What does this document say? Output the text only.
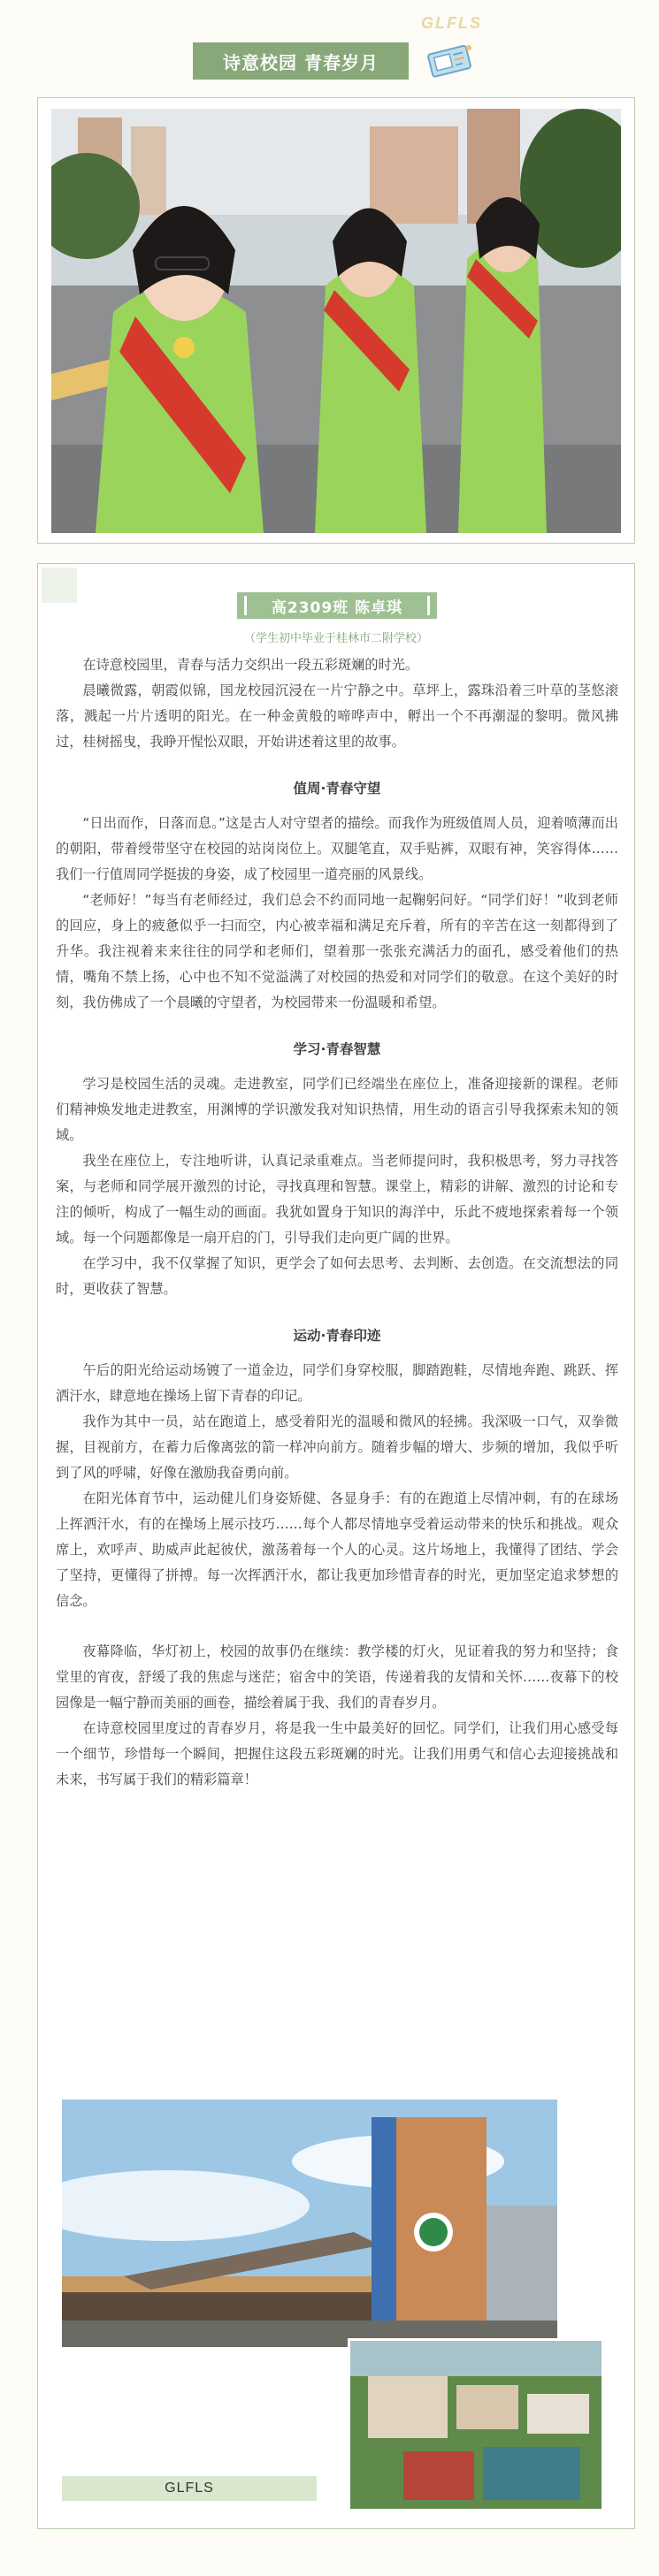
GLFLS
诗意校园 青春岁月
高2309班 陈卓琪
（学生初中毕业于桂林市二附学校）

在诗意校园里，青春与活力交织出一段五彩斑斓的时光。

晨曦微露，朝霞似锦，国龙校园沉浸在一片宁静之中。草坪上，露珠沿着三叶草的茎悠滚落，溅起一片片透明的阳光。在一种金黄般的啼哗声中，孵出一个不再潮湿的黎明。微风拂过，桂树摇曳，我睁开惺忪双眼，开始讲述着这里的故事。

值周·青春守望

“日出而作，日落而息。”这是古人对守望者的描绘。而我作为班级值周人员，迎着喷薄而出的朝阳，带着绶带坚守在校园的站岗岗位上。双腿笔直，双手贴裤，双眼有神，笑容得体……我们一行值周同学挺拔的身姿，成了校园里一道亮丽的风景线。

“老师好！”每当有老师经过，我们总会不约而同地一起鞠躬问好。“同学们好！”收到老师的回应，身上的疲惫似乎一扫而空，内心被幸福和满足充斥着，所有的辛苦在这一刻都得到了升华。我注视着来来往往的同学和老师们，望着那一张张充满活力的面孔，感受着他们的热情，嘴角不禁上扬，心中也不知不觉溢满了对校园的热爱和对同学们的敬意。在这个美好的时刻，我仿佛成了一个晨曦的守望者，为校园带来一份温暖和希望。

学习·青春智慧

学习是校园生活的灵魂。走进教室，同学们已经端坐在座位上，准备迎接新的课程。老师们精神焕发地走进教室，用渊博的学识激发我对知识热情，用生动的语言引导我探索未知的领域。

我坐在座位上，专注地听讲，认真记录重难点。当老师提问时，我积极思考，努力寻找答案，与老师和同学展开激烈的讨论，寻找真理和智慧。课堂上，精彩的讲解、激烈的讨论和专注的倾听，构成了一幅生动的画面。我犹如置身于知识的海洋中，乐此不疲地探索着每一个领域。每一个问题都像是一扇开启的门，引导我们走向更广阔的世界。

在学习中，我不仅掌握了知识，更学会了如何去思考、去判断、去创造。在交流想法的同时，更收获了智慧。

运动·青春印迹

午后的阳光给运动场镀了一道金边，同学们身穿校服，脚踏跑鞋，尽情地奔跑、跳跃、挥洒汗水，肆意地在操场上留下青春的印记。

我作为其中一员，站在跑道上，感受着阳光的温暖和微风的轻拂。我深吸一口气，双拳微握，目视前方，在蓄力后像离弦的箭一样冲向前方。随着步幅的增大、步频的增加，我似乎听到了风的呼啸，好像在激励我奋勇向前。

在阳光体育节中，运动健儿们身姿矫健、各显身手：有的在跑道上尽情冲刺，有的在球场上挥洒汗水，有的在操场上展示技巧……每个人都尽情地享受着运动带来的快乐和挑战。观众席上，欢呼声、助威声此起彼伏，激荡着每一个人的心灵。这片场地上，我懂得了团结、学会了坚持，更懂得了拼搏。每一次挥洒汗水，都让我更加珍惜青春的时光，更加坚定追求梦想的信念。

夜幕降临，华灯初上，校园的故事仍在继续：教学楼的灯火，见证着我的努力和坚持；食堂里的宵夜，舒缓了我的焦虑与迷茫；宿舍中的笑语，传递着我的友情和关怀……夜幕下的校园像是一幅宁静而美丽的画卷，描绘着属于我、我们的青春岁月。

在诗意校园里度过的青春岁月，将是我一生中最美好的回忆。同学们，让我们用心感受每一个细节，珍惜每一个瞬间，把握住这段五彩斑斓的时光。让我们用勇气和信心去迎接挑战和未来，书写属于我们的精彩篇章！

GLFLS
